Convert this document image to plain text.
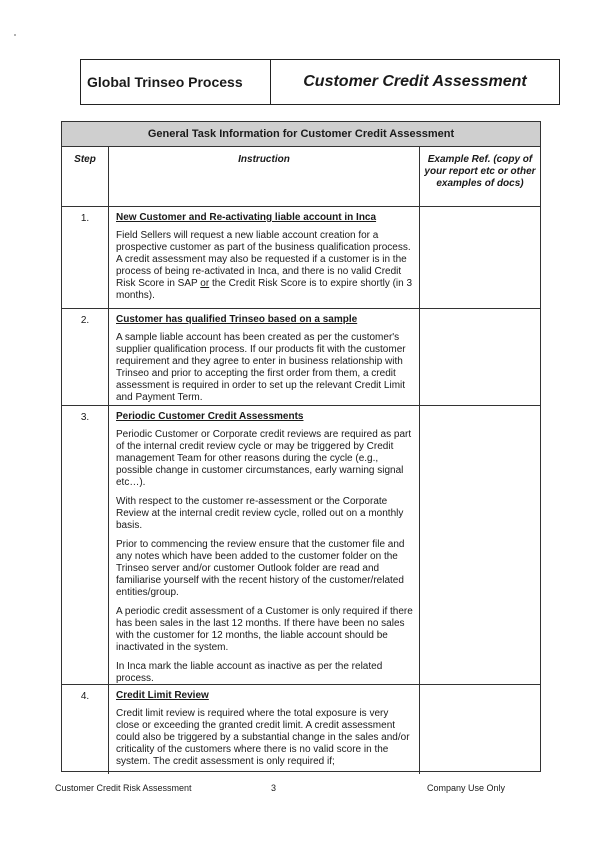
Global Trinseo Process	Customer Credit Assessment
General Task Information for Customer Credit Assessment
Step	Instruction	Example Ref. (copy of your report etc or other examples of docs)
1.	New Customer and Re-activating liable account in Inca

Field Sellers will request a new liable account creation for a prospective customer as part of the business qualification process. A credit assessment may also be requested if a customer is in the process of being re-activated in Inca, and there is no valid Credit Risk Score in SAP or the Credit Risk Score is to expire shortly (in 3 months).

2.	Customer has qualified Trinseo based on a sample

A sample liable account has been created as per the customer's supplier qualification process. If our products fit with the customer requirement and they agree to enter in business relationship with Trinseo and prior to accepting the first order from them, a credit assessment is required in order to set up the relevant Credit Limit and Payment Term.

3.	Periodic Customer Credit Assessments

Periodic Customer or Corporate credit reviews are required as part of the internal credit review cycle or may be triggered by Credit management Team for other reasons during the cycle (e.g., possible change in customer circumstances, early warning signal etc…).

With respect to the customer re-assessment or the Corporate Review at the internal credit review cycle, rolled out on a monthly basis.

Prior to commencing the review ensure that the customer file and any notes which have been added to the customer folder on the Trinseo server and/or customer Outlook folder are read and familiarise yourself with the recent history of the customer/related entities/group.

A periodic credit assessment of a Customer is only required if there has been sales in the last 12 months. If there have been no sales with the customer for 12 months, the liable account should be inactivated in the system.

In Inca mark the liable account as inactive as per the related process.

4.	Credit Limit Review

Credit limit review is required where the total exposure is very close or exceeding the granted credit limit. A credit assessment could also be triggered by a substantial change in the sales and/or criticality of the customers where there is no valid score in the system. The credit assessment is only required if;

Customer Credit Risk Assessment	3	Company Use Only
